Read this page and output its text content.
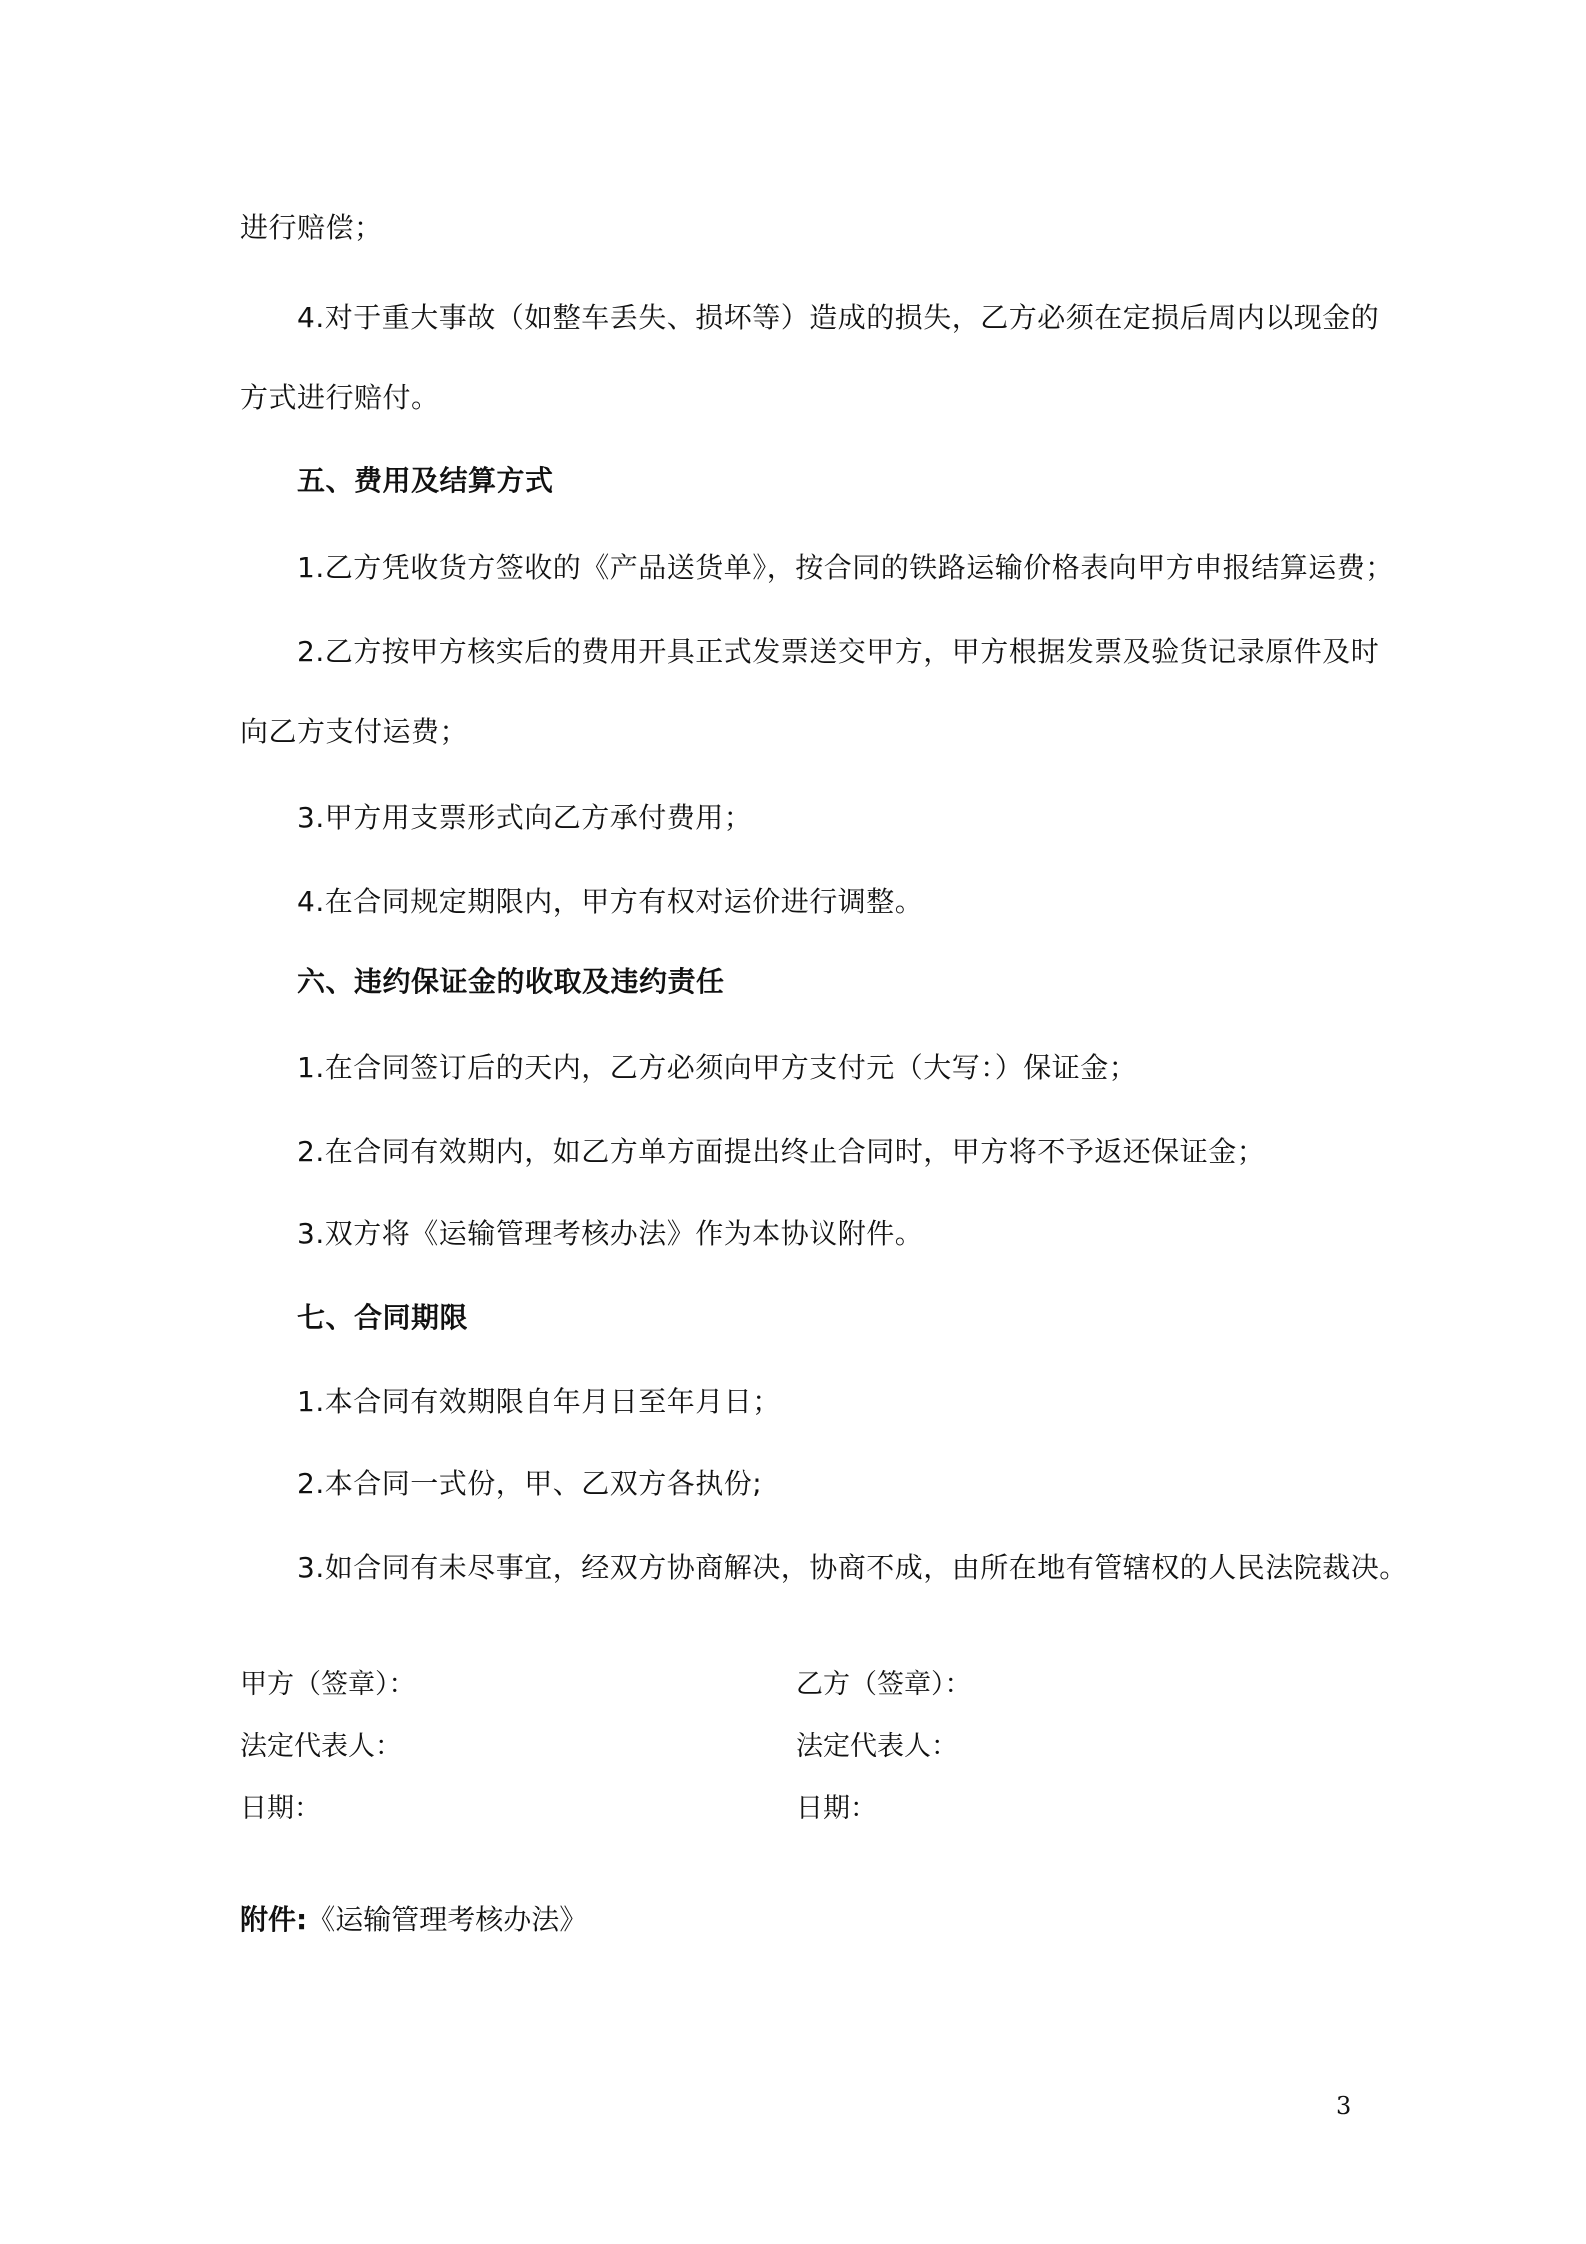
进行赔偿；
4.对于重大事故（如整车丢失、损坏等）造成的损失，乙方必须在定损后周内以现金的
方式进行赔付。
五、费用及结算方式
1.乙方凭收货方签收的《产品送货单》，按合同的铁路运输价格表向甲方申报结算运费；
2.乙方按甲方核实后的费用开具正式发票送交甲方，甲方根据发票及验货记录原件及时
向乙方支付运费；
3.甲方用支票形式向乙方承付费用；
4.在合同规定期限内，甲方有权对运价进行调整。
六、违约保证金的收取及违约责任
1.在合同签订后的天内，乙方必须向甲方支付元（大写：）保证金；
2.在合同有效期内，如乙方单方面提出终止合同时，甲方将不予返还保证金；
3.双方将《运输管理考核办法》作为本协议附件。
七、合同期限
1.本合同有效期限自年月日至年月日；
2.本合同一式份，甲、乙双方各执份;
3.如合同有未尽事宜，经双方协商解决，协商不成，由所在地有管辖权的人民法院裁决。
甲方（签章）：	乙方（签章）：
法定代表人：	法定代表人：
日期：	日期：
附件:《运输管理考核办法》
3
